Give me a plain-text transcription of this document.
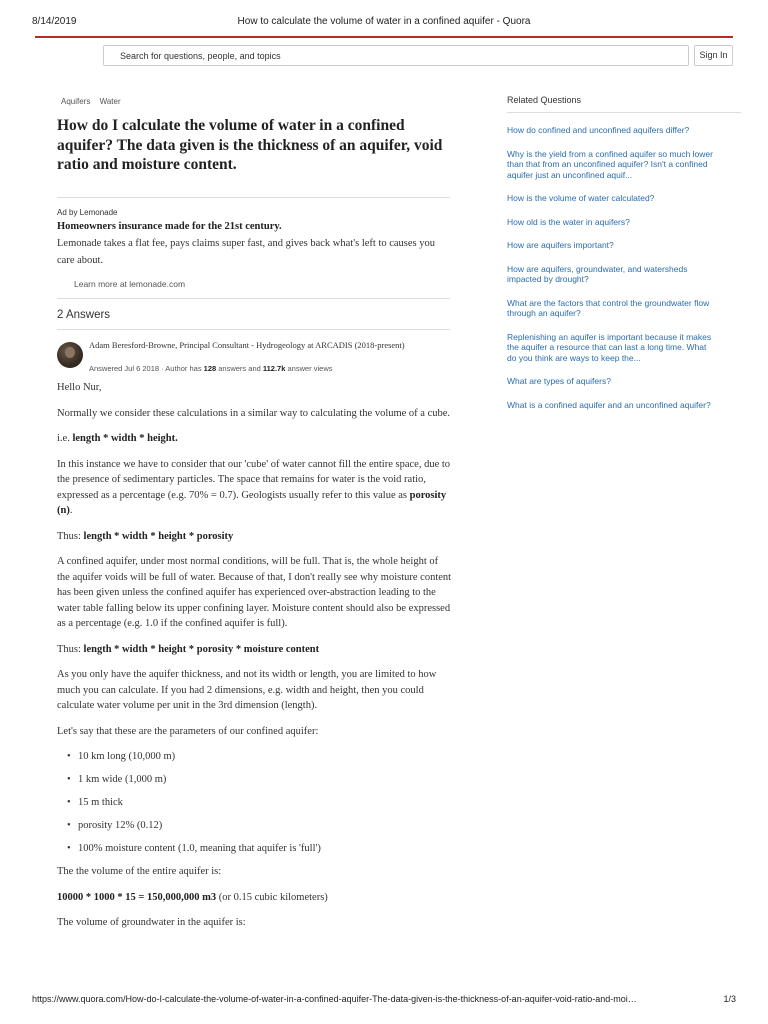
8/14/2019	How to calculate the volume of water in a confined aquifer - Quora
Search for questions, people, and topics	Sign In
Aquifers Water
How do I calculate the volume of water in a confined aquifer? The data given is the thickness of an aquifer, void ratio and moisture content.
Ad by Lemonade
Homeowners insurance made for the 21st century.
Lemonade takes a flat fee, pays claims super fast, and gives back what's left to causes you care about.
Learn more at lemonade.com
2 Answers
Adam Beresford-Browne, Principal Consultant - Hydrogeology at ARCADIS (2018-present)
Answered Jul 6 2018 · Author has 128 answers and 112.7k answer views

Hello Nur,

Normally we consider these calculations in a similar way to calculating the volume of a cube.

i.e. length * width * height.

In this instance we have to consider that our 'cube' of water cannot fill the entire space, due to the presence of sedimentary particles. The space that remains for water is the void ratio, expressed as a percentage (e.g. 70% = 0.7). Geologists usually refer to this value as porosity (n).

Thus: length * width * height * porosity

A confined aquifer, under most normal conditions, will be full. That is, the whole height of the aquifer voids will be full of water. Because of that, I don't really see why moisture content has been given unless the confined aquifer has experienced over-abstraction leading to the water table falling below its upper confining layer. Moisture content should also be expressed as a percentage (e.g. 1.0 if the confined aquifer is full).

Thus: length * width * height * porosity * moisture content

As you only have the aquifer thickness, and not its width or length, you are limited to how much you can calculate. If you had 2 dimensions, e.g. width and height, then you could calculate water volume per unit in the 3rd dimension (length).

Let's say that these are the parameters of our confined aquifer:

• 10 km long (10,000 m)
• 1 km wide (1,000 m)
• 15 m thick
• porosity 12% (0.12)
• 100% moisture content (1.0, meaning that aquifer is 'full')

The the volume of the entire aquifer is:

10000 * 1000 * 15 = 150,000,000 m3 (or 0.15 cubic kilometers)

The volume of groundwater in the aquifer is:

Related Questions
How do confined and unconfined aquifers differ?
Why is the yield from a confined aquifer so much lower than that from an unconfined aquifer? Isn't a confined aquifer just an unconfined aquif...
How is the volume of water calculated?
How old is the water in aquifers?
How are aquifers important?
How are aquifers, groundwater, and watersheds impacted by drought?
What are the factors that control the groundwater flow through an aquifer?
Replenishing an aquifer is important because it makes the aquifer a resource that can last a long time. What do you think are ways to keep the...
What are types of aquifers?
What is a confined aquifer and an unconfined aquifer?
https://www.quora.com/How-do-I-calculate-the-volume-of-water-in-a-confined-aquifer-The-data-given-is-the-thickness-of-an-aquifer-void-ratio-and-moi…	1/3
